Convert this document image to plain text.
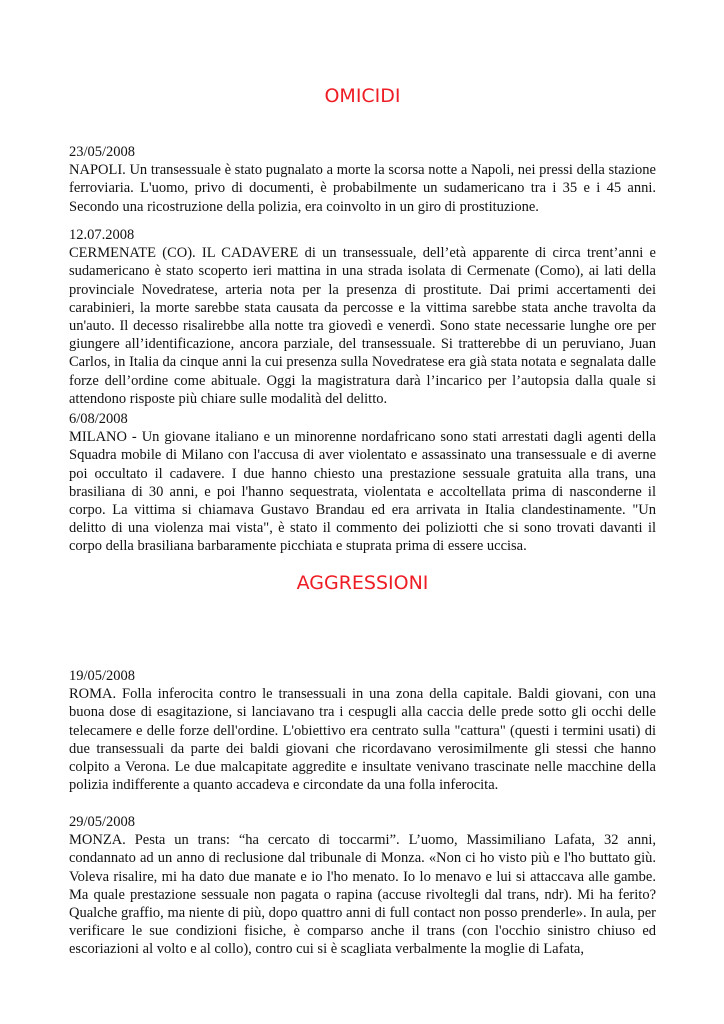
OMICIDI

23/05/2008

NAPOLI. Un transessuale è stato pugnalato a morte la scorsa notte a Napoli, nei pressi della stazione ferroviaria. L'uomo, privo di documenti, è probabilmente un sudamericano tra i 35 e i 45 anni. Secondo una ricostruzione della polizia, era coinvolto in un giro di prostituzione.

12.07.2008

CERMENATE (CO). IL CADAVERE di un transessuale, dell’età apparente di circa trent’anni e sudamericano è stato scoperto ieri mattina in una strada isolata di Cermenate (Como), ai lati della provinciale Novedratese, arteria nota per la presenza di prostitute. Dai primi accertamenti dei carabinieri, la morte sarebbe stata causata da percosse e la vittima sarebbe stata anche travolta da un'auto. Il decesso risalirebbe alla notte tra giovedì e venerdì. Sono state necessarie lunghe ore per giungere all’identificazione, ancora parziale, del transessuale. Si tratterebbe di un peruviano, Juan Carlos, in Italia da cinque anni la cui presenza sulla Novedratese era già stata notata e segnalata dalle forze dell’ordine come abituale. Oggi la magistratura darà l’incarico per l’autopsia dalla quale si attendono risposte più chiare sulle modalità del delitto.

6/08/2008

MILANO - Un giovane italiano e un minorenne nordafricano sono stati arrestati dagli agenti della Squadra mobile di Milano con l'accusa di aver violentato e assassinato una transessuale e di averne poi occultato il cadavere. I due hanno chiesto una prestazione sessuale gratuita alla trans, una brasiliana di 30 anni, e poi l'hanno sequestrata, violentata e accoltellata prima di nasconderne il corpo. La vittima si chiamava Gustavo Brandau ed era arrivata in Italia clandestinamente. "Un delitto di una violenza mai vista", è stato il commento dei poliziotti che si sono trovati davanti il corpo della brasiliana barbaramente picchiata e stuprata prima di essere uccisa.

AGGRESSIONI

19/05/2008

ROMA. Folla inferocita contro le transessuali in una zona della capitale. Baldi giovani, con una buona dose di esagitazione, si lanciavano tra i cespugli alla caccia delle prede sotto gli occhi delle telecamere e delle forze dell'ordine. L'obiettivo era centrato sulla "cattura" (questi i termini usati) di due transessuali da parte dei baldi giovani che ricordavano verosimilmente gli stessi che hanno colpito a Verona. Le due malcapitate aggredite e insultate venivano trascinate nelle macchine della polizia indifferente a quanto accadeva e circondate da una folla inferocita.

29/05/2008

MONZA. Pesta un trans: “ha cercato di toccarmi”. L’uomo, Massimiliano Lafata, 32 anni, condannato ad un anno di reclusione dal tribunale di Monza. «Non ci ho visto più e l'ho buttato giù. Voleva risalire, mi ha dato due manate e io l'ho menato. Io lo menavo e lui si attaccava alle gambe. Ma quale prestazione sessuale non pagata o rapina (accuse rivoltegli dal trans, ndr). Mi ha ferito? Qualche graffio, ma niente di più, dopo quattro anni di full contact non posso prenderle». In aula, per verificare le sue condizioni fisiche, è comparso anche il trans (con l'occhio sinistro chiuso ed escoriazioni al volto e al collo), contro cui si è scagliata verbalmente la moglie di Lafata,
